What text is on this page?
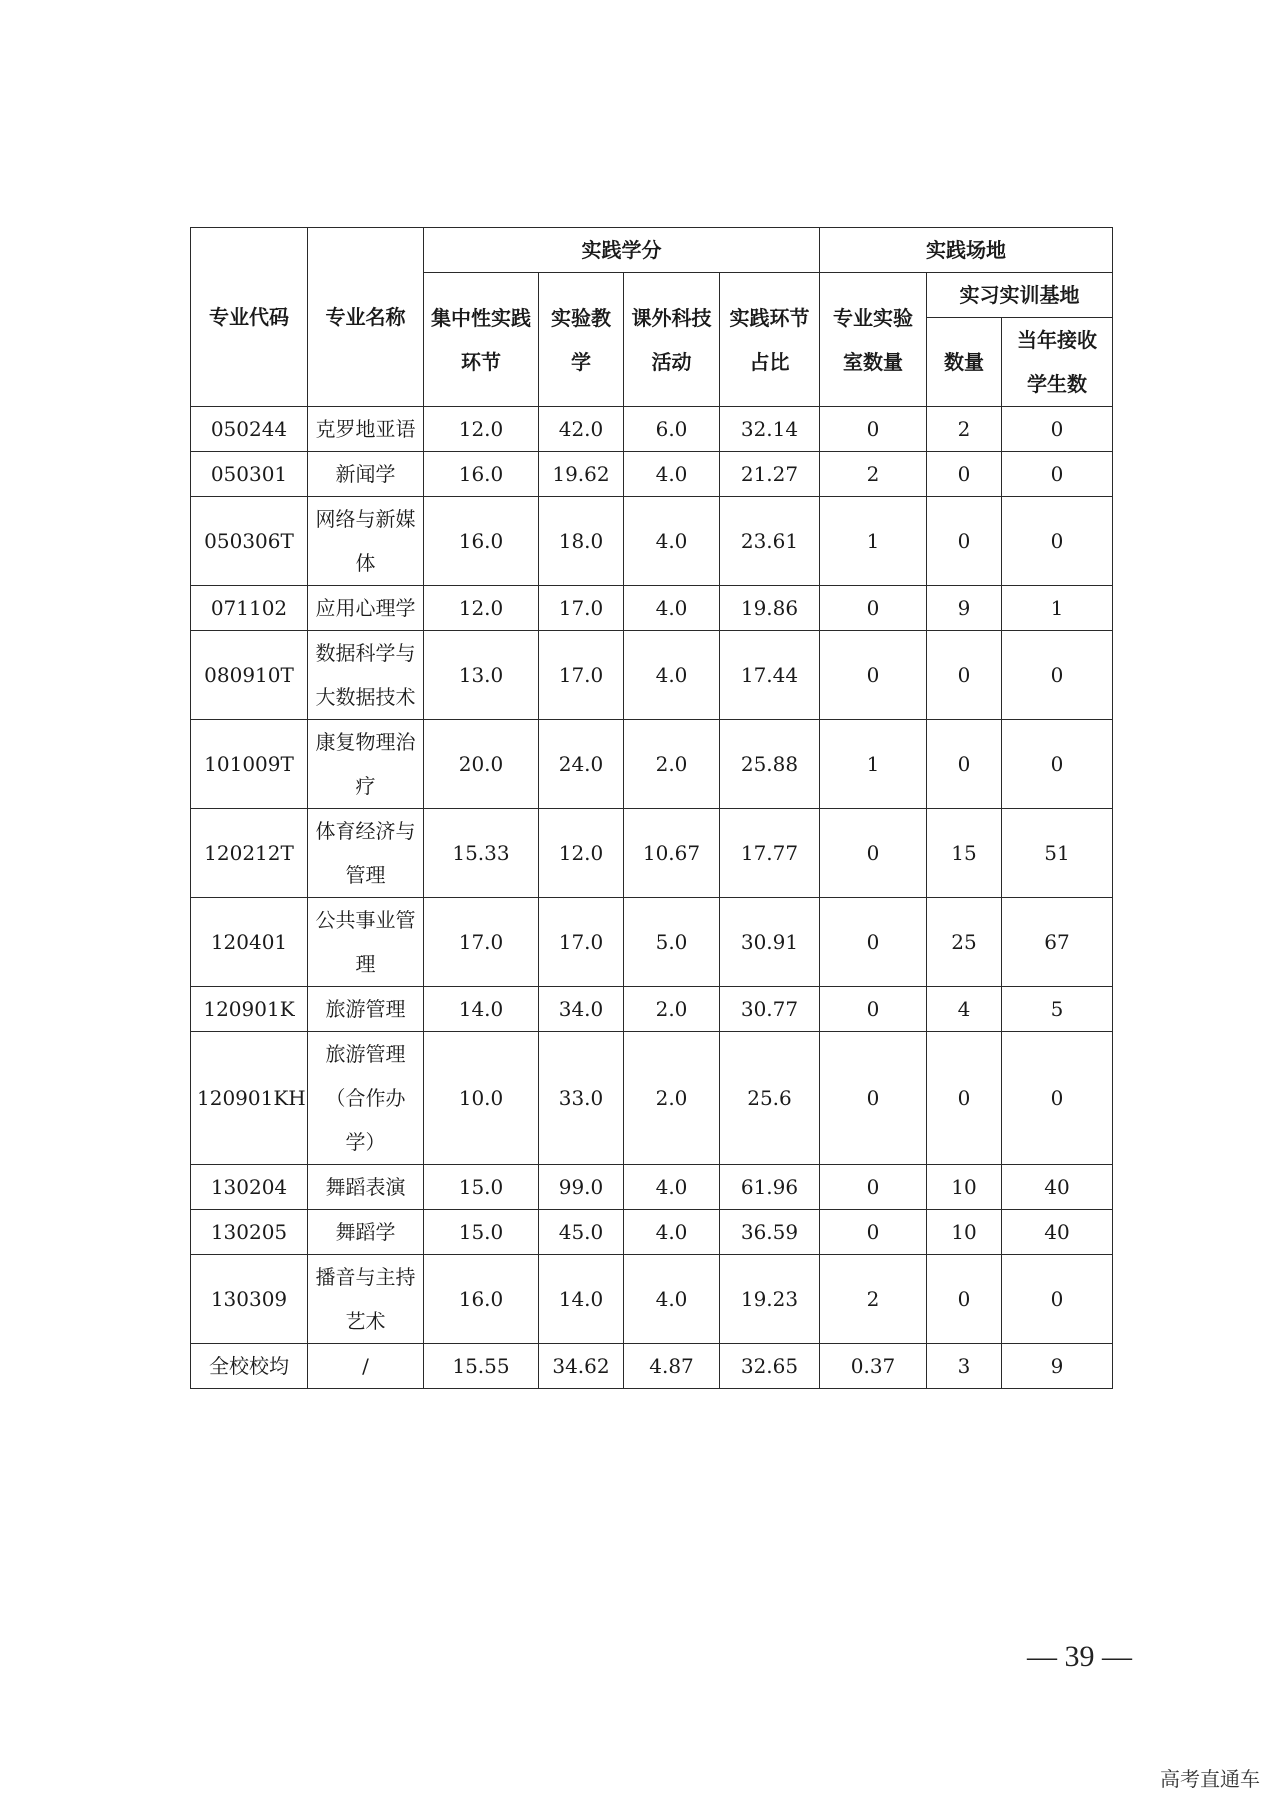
专业代码	专业名称	实践学分				实践场地		
		集中性实践环节	实验教学	课外科技活动	实践环节占比	专业实验室数量	实习实训基地	
							数量	当年接收学生数
050244	克罗地亚语	12.0	42.0	6.0	32.14	0	2	0
050301	新闻学	16.0	19.62	4.0	21.27	2	0	0
050306T	网络与新媒体	16.0	18.0	4.0	23.61	1	0	0
071102	应用心理学	12.0	17.0	4.0	19.86	0	9	1
080910T	数据科学与大数据技术	13.0	17.0	4.0	17.44	0	0	0
101009T	康复物理治疗	20.0	24.0	2.0	25.88	1	0	0
120212T	体育经济与管理	15.33	12.0	10.67	17.77	0	15	51
120401	公共事业管理	17.0	17.0	5.0	30.91	0	25	67
120901K	旅游管理	14.0	34.0	2.0	30.77	0	4	5
120901KH	旅游管理（合作办学）	10.0	33.0	2.0	25.6	0	0	0
130204	舞蹈表演	15.0	99.0	4.0	61.96	0	10	40
130205	舞蹈学	15.0	45.0	4.0	36.59	0	10	40
130309	播音与主持艺术	16.0	14.0	4.0	19.23	2	0	0
全校校均	/	15.55	34.62	4.87	32.65	0.37	3	9
— 39 —
高考直通车
